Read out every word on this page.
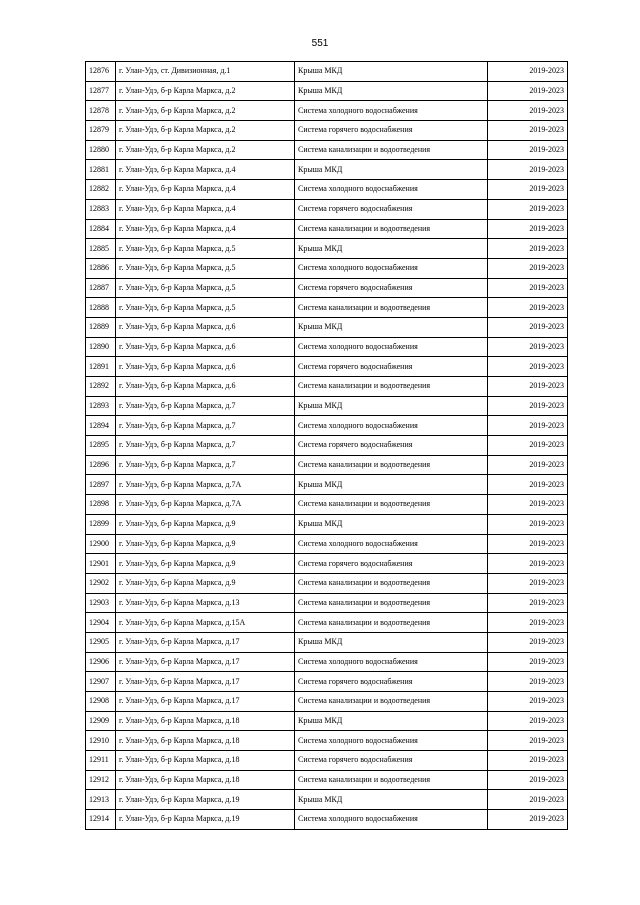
551
12876	г. Улан-Удэ, ст. Дивизионная, д.1	Крыша МКД	2019-2023
12877	г. Улан-Удэ, б-р Карла Маркса, д.2	Крыша МКД	2019-2023
12878	г. Улан-Удэ, б-р Карла Маркса, д.2	Система холодного водоснабжения	2019-2023
12879	г. Улан-Удэ, б-р Карла Маркса, д.2	Система горячего водоснабжения	2019-2023
12880	г. Улан-Удэ, б-р Карла Маркса, д.2	Система канализации и водоотведения	2019-2023
12881	г. Улан-Удэ, б-р Карла Маркса, д.4	Крыша МКД	2019-2023
12882	г. Улан-Удэ, б-р Карла Маркса, д.4	Система холодного водоснабжения	2019-2023
12883	г. Улан-Удэ, б-р Карла Маркса, д.4	Система горячего водоснабжения	2019-2023
12884	г. Улан-Удэ, б-р Карла Маркса, д.4	Система канализации и водоотведения	2019-2023
12885	г. Улан-Удэ, б-р Карла Маркса, д.5	Крыша МКД	2019-2023
12886	г. Улан-Удэ, б-р Карла Маркса, д.5	Система холодного водоснабжения	2019-2023
12887	г. Улан-Удэ, б-р Карла Маркса, д.5	Система горячего водоснабжения	2019-2023
12888	г. Улан-Удэ, б-р Карла Маркса, д.5	Система канализации и водоотведения	2019-2023
12889	г. Улан-Удэ, б-р Карла Маркса, д.6	Крыша МКД	2019-2023
12890	г. Улан-Удэ, б-р Карла Маркса, д.6	Система холодного водоснабжения	2019-2023
12891	г. Улан-Удэ, б-р Карла Маркса, д.6	Система горячего водоснабжения	2019-2023
12892	г. Улан-Удэ, б-р Карла Маркса, д.6	Система канализации и водоотведения	2019-2023
12893	г. Улан-Удэ, б-р Карла Маркса, д.7	Крыша МКД	2019-2023
12894	г. Улан-Удэ, б-р Карла Маркса, д.7	Система холодного водоснабжения	2019-2023
12895	г. Улан-Удэ, б-р Карла Маркса, д.7	Система горячего водоснабжения	2019-2023
12896	г. Улан-Удэ, б-р Карла Маркса, д.7	Система канализации и водоотведения	2019-2023
12897	г. Улан-Удэ, б-р Карла Маркса, д.7А	Крыша МКД	2019-2023
12898	г. Улан-Удэ, б-р Карла Маркса, д.7А	Система канализации и водоотведения	2019-2023
12899	г. Улан-Удэ, б-р Карла Маркса, д.9	Крыша МКД	2019-2023
12900	г. Улан-Удэ, б-р Карла Маркса, д.9	Система холодного водоснабжения	2019-2023
12901	г. Улан-Удэ, б-р Карла Маркса, д.9	Система горячего водоснабжения	2019-2023
12902	г. Улан-Удэ, б-р Карла Маркса, д.9	Система канализации и водоотведения	2019-2023
12903	г. Улан-Удэ, б-р Карла Маркса, д.13	Система канализации и водоотведения	2019-2023
12904	г. Улан-Удэ, б-р Карла Маркса, д.15А	Система канализации и водоотведения	2019-2023
12905	г. Улан-Удэ, б-р Карла Маркса, д.17	Крыша МКД	2019-2023
12906	г. Улан-Удэ, б-р Карла Маркса, д.17	Система холодного водоснабжения	2019-2023
12907	г. Улан-Удэ, б-р Карла Маркса, д.17	Система горячего водоснабжения	2019-2023
12908	г. Улан-Удэ, б-р Карла Маркса, д.17	Система канализации и водоотведения	2019-2023
12909	г. Улан-Удэ, б-р Карла Маркса, д.18	Крыша МКД	2019-2023
12910	г. Улан-Удэ, б-р Карла Маркса, д.18	Система холодного водоснабжения	2019-2023
12911	г. Улан-Удэ, б-р Карла Маркса, д.18	Система горячего водоснабжения	2019-2023
12912	г. Улан-Удэ, б-р Карла Маркса, д.18	Система канализации и водоотведения	2019-2023
12913	г. Улан-Удэ, б-р Карла Маркса, д.19	Крыша МКД	2019-2023
12914	г. Улан-Удэ, б-р Карла Маркса, д.19	Система холодного водоснабжения	2019-2023
